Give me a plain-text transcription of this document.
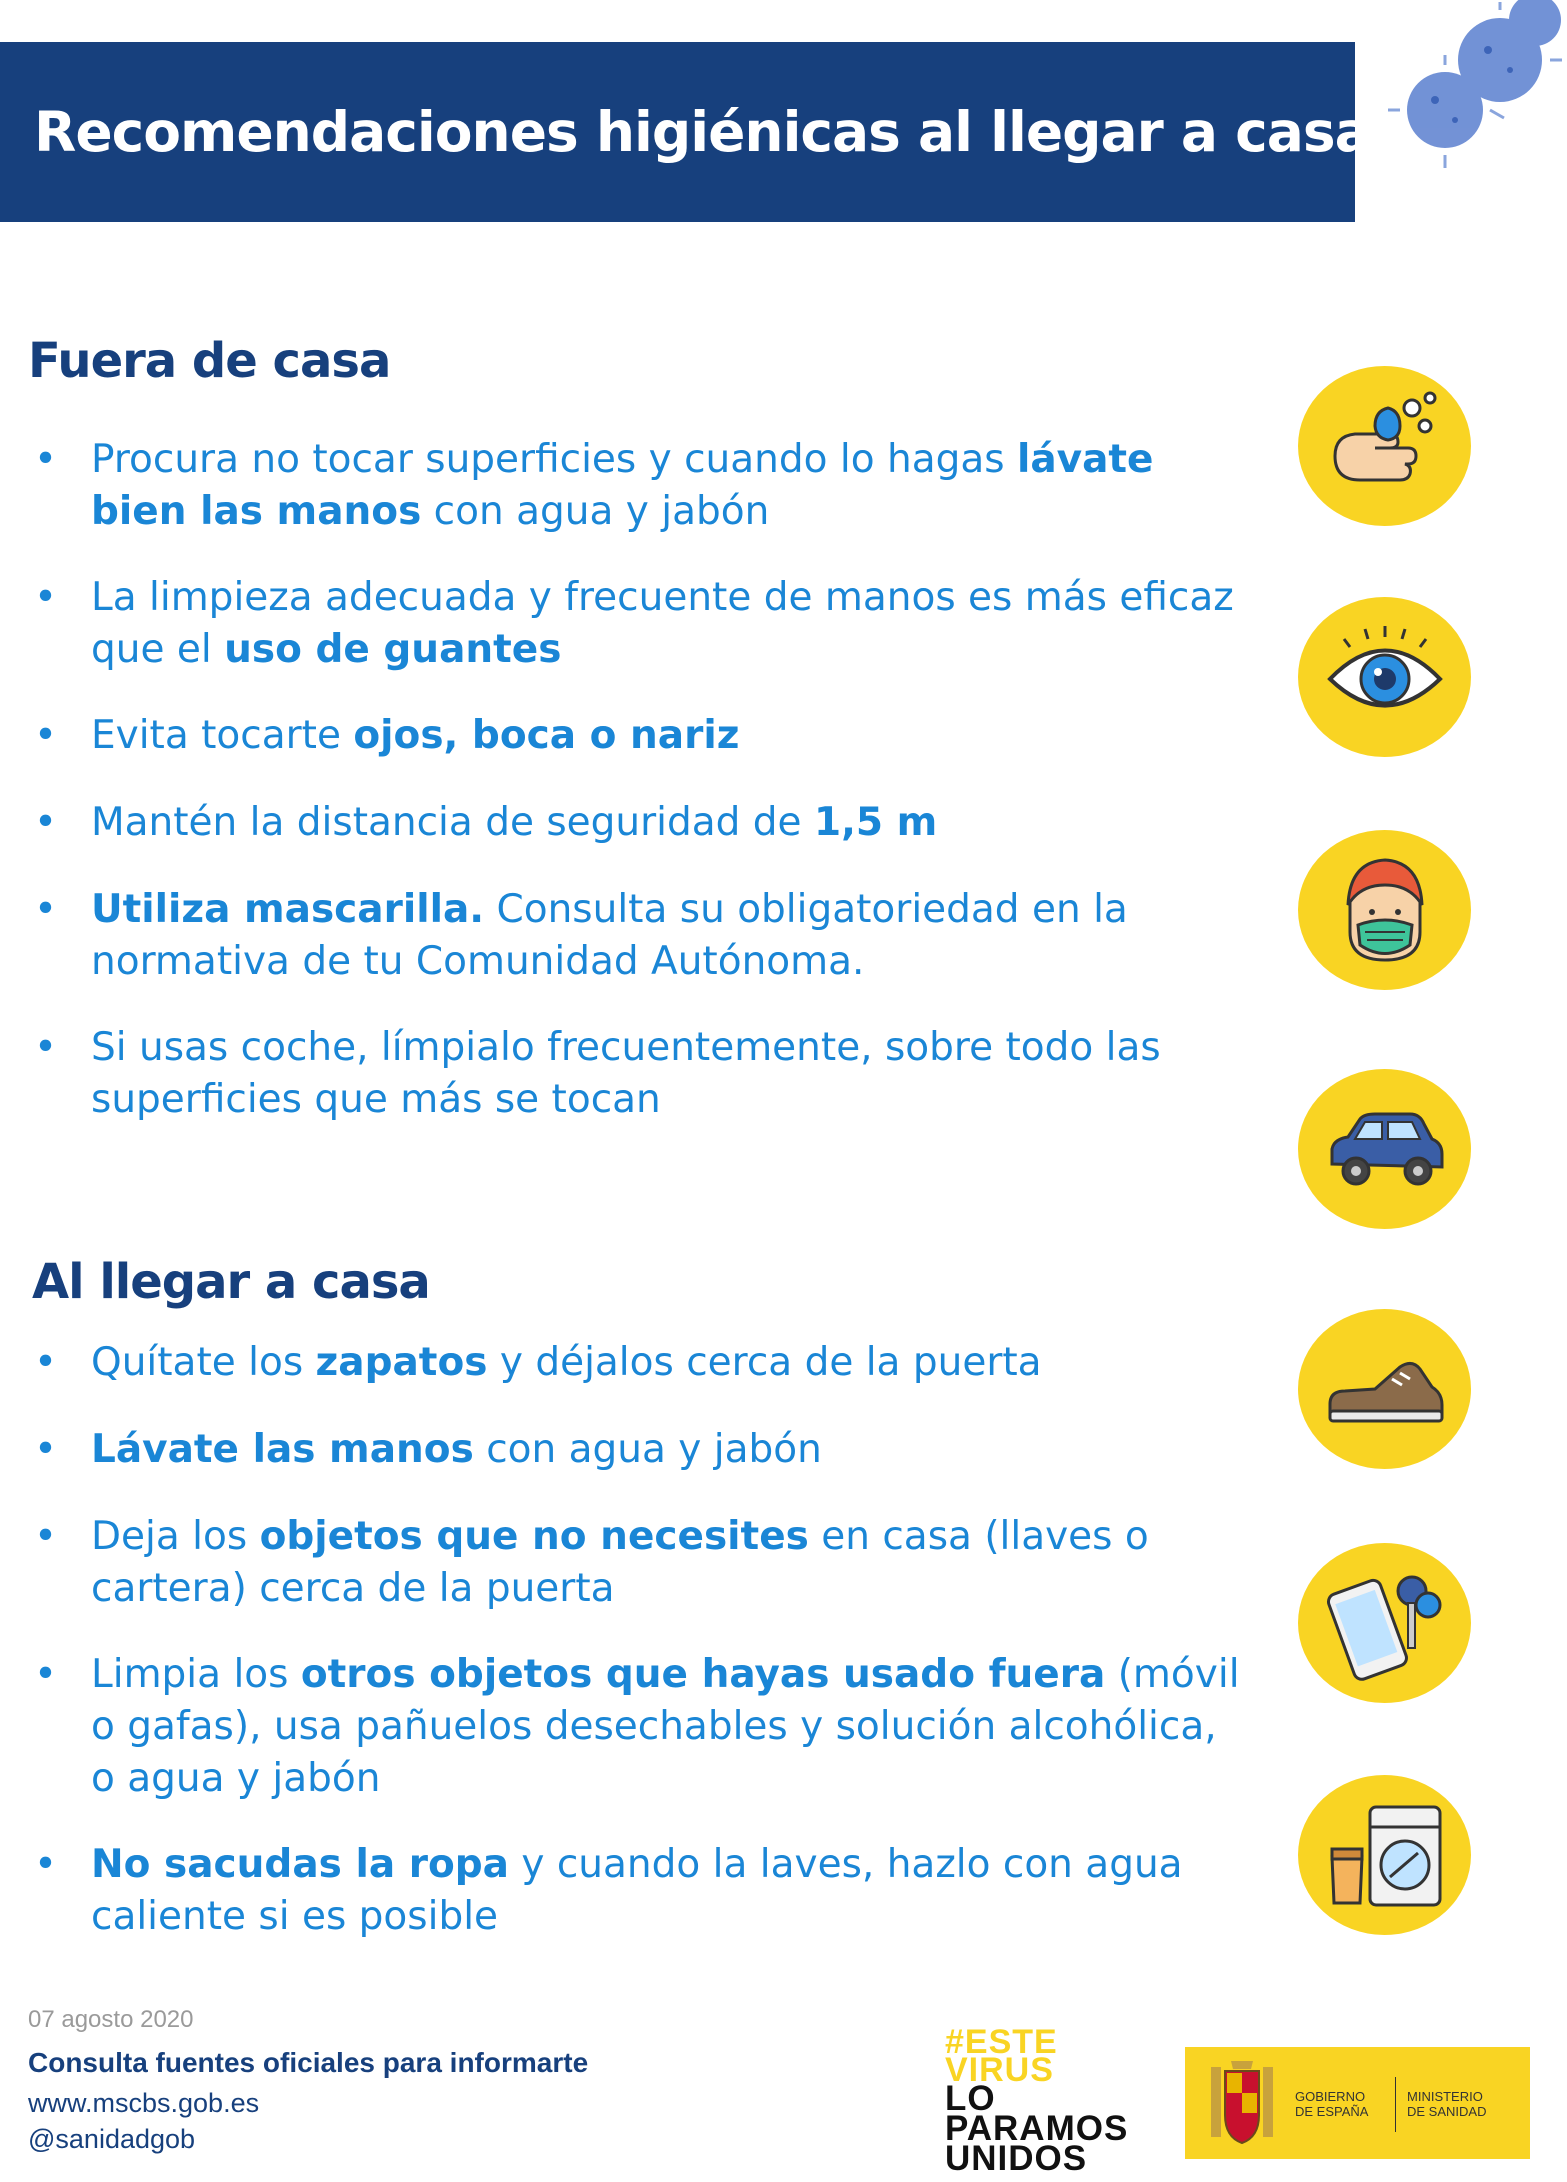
Recomendaciones higiénicas al llegar a casa
Fuera de casa
• Procura no tocar superficies y cuando lo hagas lávate bien las manos con agua y jabón
• La limpieza adecuada y frecuente de manos es más eficaz que el uso de guantes
• Evita tocarte ojos, boca o nariz
• Mantén la distancia de seguridad de 1,5 m
• Utiliza mascarilla. Consulta su obligatoriedad en la normativa de tu Comunidad Autónoma.
• Si usas coche, límpialo frecuentemente, sobre todo las superficies que más se tocan
Al llegar a casa
• Quítate los zapatos y déjalos cerca de la puerta
• Lávate las manos con agua y jabón
• Deja los objetos que no necesites en casa (llaves o cartera) cerca de la puerta
• Limpia los otros objetos que hayas usado fuera (móvil o gafas), usa pañuelos desechables y solución alcohólica, o agua y jabón
• No sacudas la ropa y cuando la laves, hazlo con agua caliente si es posible
07 agosto 2020
Consulta fuentes oficiales para informarte
www.mscbs.gob.es
@sanidadgob
#ESTE
VIRUS
LO
PARAMOS
UNIDOS
GOBIERNO
DE ESPAÑA
MINISTERIO
DE SANIDAD
